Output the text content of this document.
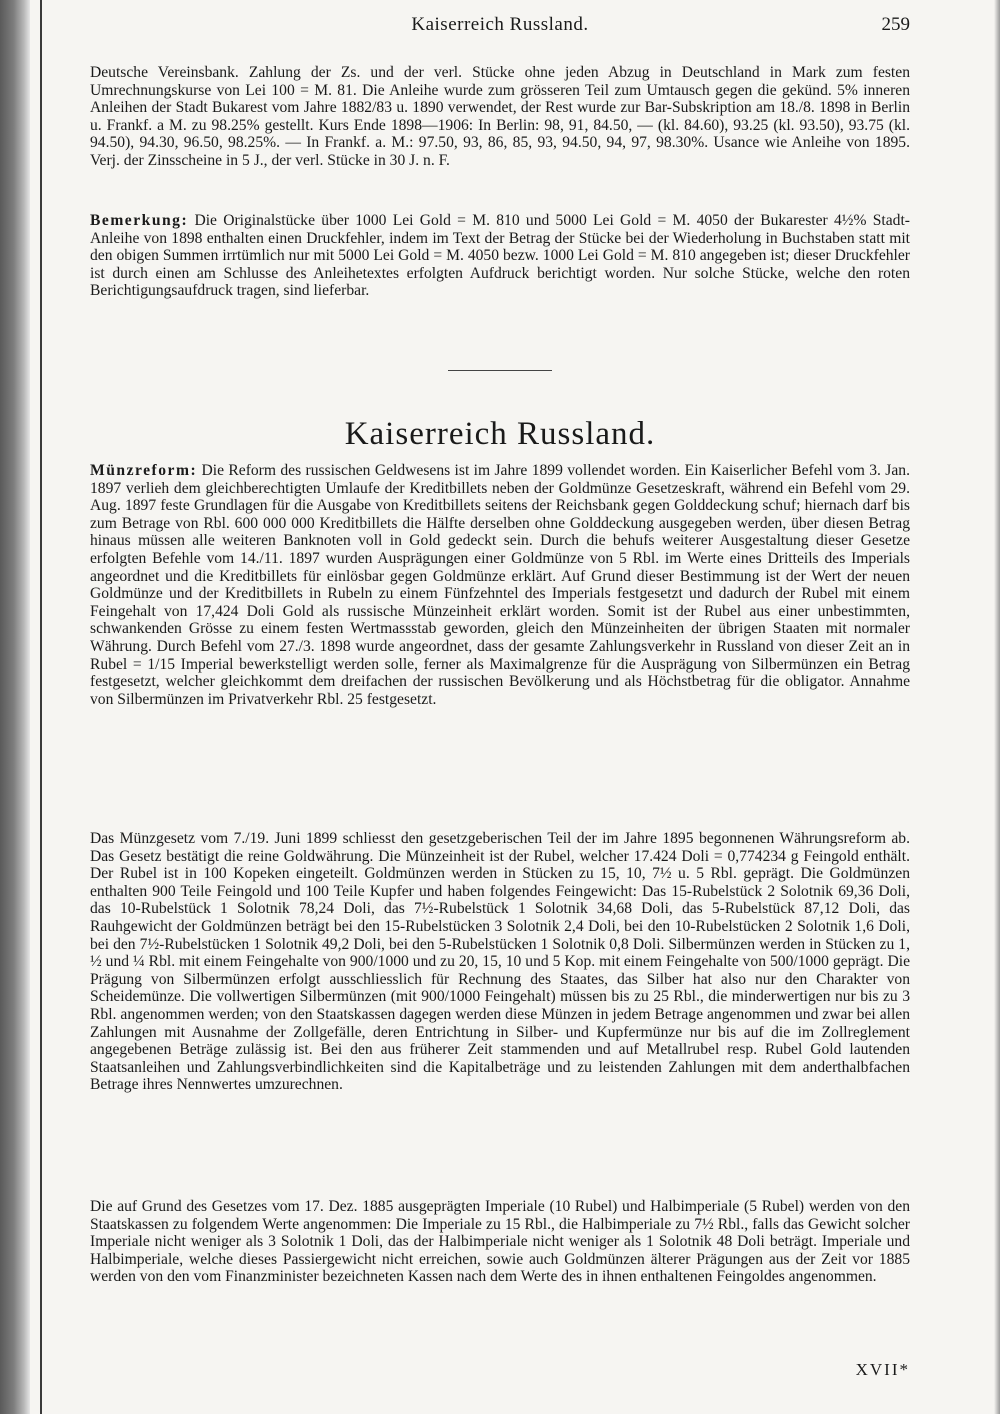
Kaiserreich Russland.	259

Deutsche Vereinsbank. Zahlung der Zs. und der verl. Stücke ohne jeden Abzug in Deutschland in Mark zum festen Umrechnungskurse von Lei 100 = M. 81. Die Anleihe wurde zum grösseren Teil zum Umtausch gegen die gekünd. 5% inneren Anleihen der Stadt Bukarest vom Jahre 1882/83 u. 1890 verwendet, der Rest wurde zur Bar-Subskription am 18./8. 1898 in Berlin u. Frankf. a M. zu 98.25% gestellt. Kurs Ende 1898—1906: In Berlin: 98, 91, 84.50, — (kl. 84.60), 93.25 (kl. 93.50), 93.75 (kl. 94.50), 94.30, 96.50, 98.25%. — In Frankf. a. M.: 97.50, 93, 86, 85, 93, 94.50, 94, 97, 98.30%. Usance wie Anleihe von 1895. Verj. der Zinsscheine in 5 J., der verl. Stücke in 30 J. n. F.

Bemerkung: Die Originalstücke über 1000 Lei Gold = M. 810 und 5000 Lei Gold = M. 4050 der Bukarester 4½% Stadt-Anleihe von 1898 enthalten einen Druckfehler, indem im Text der Betrag der Stücke bei der Wiederholung in Buchstaben statt mit den obigen Summen irrtümlich nur mit 5000 Lei Gold = M. 4050 bezw. 1000 Lei Gold = M. 810 angegeben ist; dieser Druckfehler ist durch einen am Schlusse des Anleihetextes erfolgten Aufdruck berichtigt worden. Nur solche Stücke, welche den roten Berichtigungsaufdruck tragen, sind lieferbar.

Kaiserreich Russland.

Münzreform: Die Reform des russischen Geldwesens ist im Jahre 1899 vollendet worden. Ein Kaiserlicher Befehl vom 3. Jan. 1897 verlieh dem gleichberechtigten Umlaufe der Kreditbillets neben der Goldmünze Gesetzeskraft, während ein Befehl vom 29. Aug. 1897 feste Grundlagen für die Ausgabe von Kreditbillets seitens der Reichsbank gegen Golddeckung schuf; hiernach darf bis zum Betrage von Rbl. 600 000 000 Kreditbillets die Hälfte derselben ohne Golddeckung ausgegeben werden, über diesen Betrag hinaus müssen alle weiteren Banknoten voll in Gold gedeckt sein. Durch die behufs weiterer Ausgestaltung dieser Gesetze erfolgten Befehle vom 14./11. 1897 wurden Ausprägungen einer Goldmünze von 5 Rbl. im Werte eines Dritteils des Imperials angeordnet und die Kreditbillets für einlösbar gegen Goldmünze erklärt. Auf Grund dieser Bestimmung ist der Wert der neuen Goldmünze und der Kreditbillets in Rubeln zu einem Fünfzehntel des Imperials festgesetzt und dadurch der Rubel mit einem Feingehalt von 17,424 Doli Gold als russische Münzeinheit erklärt worden. Somit ist der Rubel aus einer unbestimmten, schwankenden Grösse zu einem festen Wertmassstab geworden, gleich den Münzeinheiten der übrigen Staaten mit normaler Währung. Durch Befehl vom 27./3. 1898 wurde angeordnet, dass der gesamte Zahlungsverkehr in Russland von dieser Zeit an in Rubel = 1/15 Imperial bewerkstelligt werden solle, ferner als Maximalgrenze für die Ausprägung von Silbermünzen ein Betrag festgesetzt, welcher gleichkommt dem dreifachen der russischen Bevölkerung und als Höchstbetrag für die obligator. Annahme von Silbermünzen im Privatverkehr Rbl. 25 festgesetzt.

Das Münzgesetz vom 7./19. Juni 1899 schliesst den gesetzgeberischen Teil der im Jahre 1895 begonnenen Währungsreform ab. Das Gesetz bestätigt die reine Goldwährung. Die Münzeinheit ist der Rubel, welcher 17.424 Doli = 0,774234 g Feingold enthält. Der Rubel ist in 100 Kopeken eingeteilt. Goldmünzen werden in Stücken zu 15, 10, 7½ u. 5 Rbl. geprägt. Die Goldmünzen enthalten 900 Teile Feingold und 100 Teile Kupfer und haben folgendes Feingewicht: Das 15-Rubelstück 2 Solotnik 69,36 Doli, das 10-Rubelstück 1 Solotnik 78,24 Doli, das 7½-Rubelstück 1 Solotnik 34,68 Doli, das 5-Rubelstück 87,12 Doli, das Rauhgewicht der Goldmünzen beträgt bei den 15-Rubelstücken 3 Solotnik 2,4 Doli, bei den 10-Rubelstücken 2 Solotnik 1,6 Doli, bei den 7½-Rubelstücken 1 Solotnik 49,2 Doli, bei den 5-Rubelstücken 1 Solotnik 0,8 Doli. Silbermünzen werden in Stücken zu 1, ½ und ¼ Rbl. mit einem Feingehalte von 900/1000 und zu 20, 15, 10 und 5 Kop. mit einem Feingehalte von 500/1000 geprägt. Die Prägung von Silbermünzen erfolgt ausschliesslich für Rechnung des Staates, das Silber hat also nur den Charakter von Scheidemünze. Die vollwertigen Silbermünzen (mit 900/1000 Feingehalt) müssen bis zu 25 Rbl., die minderwertigen nur bis zu 3 Rbl. angenommen werden; von den Staatskassen dagegen werden diese Münzen in jedem Betrage angenommen und zwar bei allen Zahlungen mit Ausnahme der Zollgefälle, deren Entrichtung in Silber- und Kupfermünze nur bis auf die im Zollreglement angegebenen Beträge zulässig ist. Bei den aus früherer Zeit stammenden und auf Metallrubel resp. Rubel Gold lautenden Staatsanleihen und Zahlungsverbindlichkeiten sind die Kapitalbeträge und zu leistenden Zahlungen mit dem anderthalbfachen Betrage ihres Nennwertes umzurechnen.

Die auf Grund des Gesetzes vom 17. Dez. 1885 ausgeprägten Imperiale (10 Rubel) und Halbimperiale (5 Rubel) werden von den Staatskassen zu folgendem Werte angenommen: Die Imperiale zu 15 Rbl., die Halbimperiale zu 7½ Rbl., falls das Gewicht solcher Imperiale nicht weniger als 3 Solotnik 1 Doli, das der Halbimperiale nicht weniger als 1 Solotnik 48 Doli beträgt. Imperiale und Halbimperiale, welche dieses Passiergewicht nicht erreichen, sowie auch Goldmünzen älterer Prägungen aus der Zeit vor 1885 werden von den vom Finanzminister bezeichneten Kassen nach dem Werte des in ihnen enthaltenen Feingoldes angenommen.

XVII*
